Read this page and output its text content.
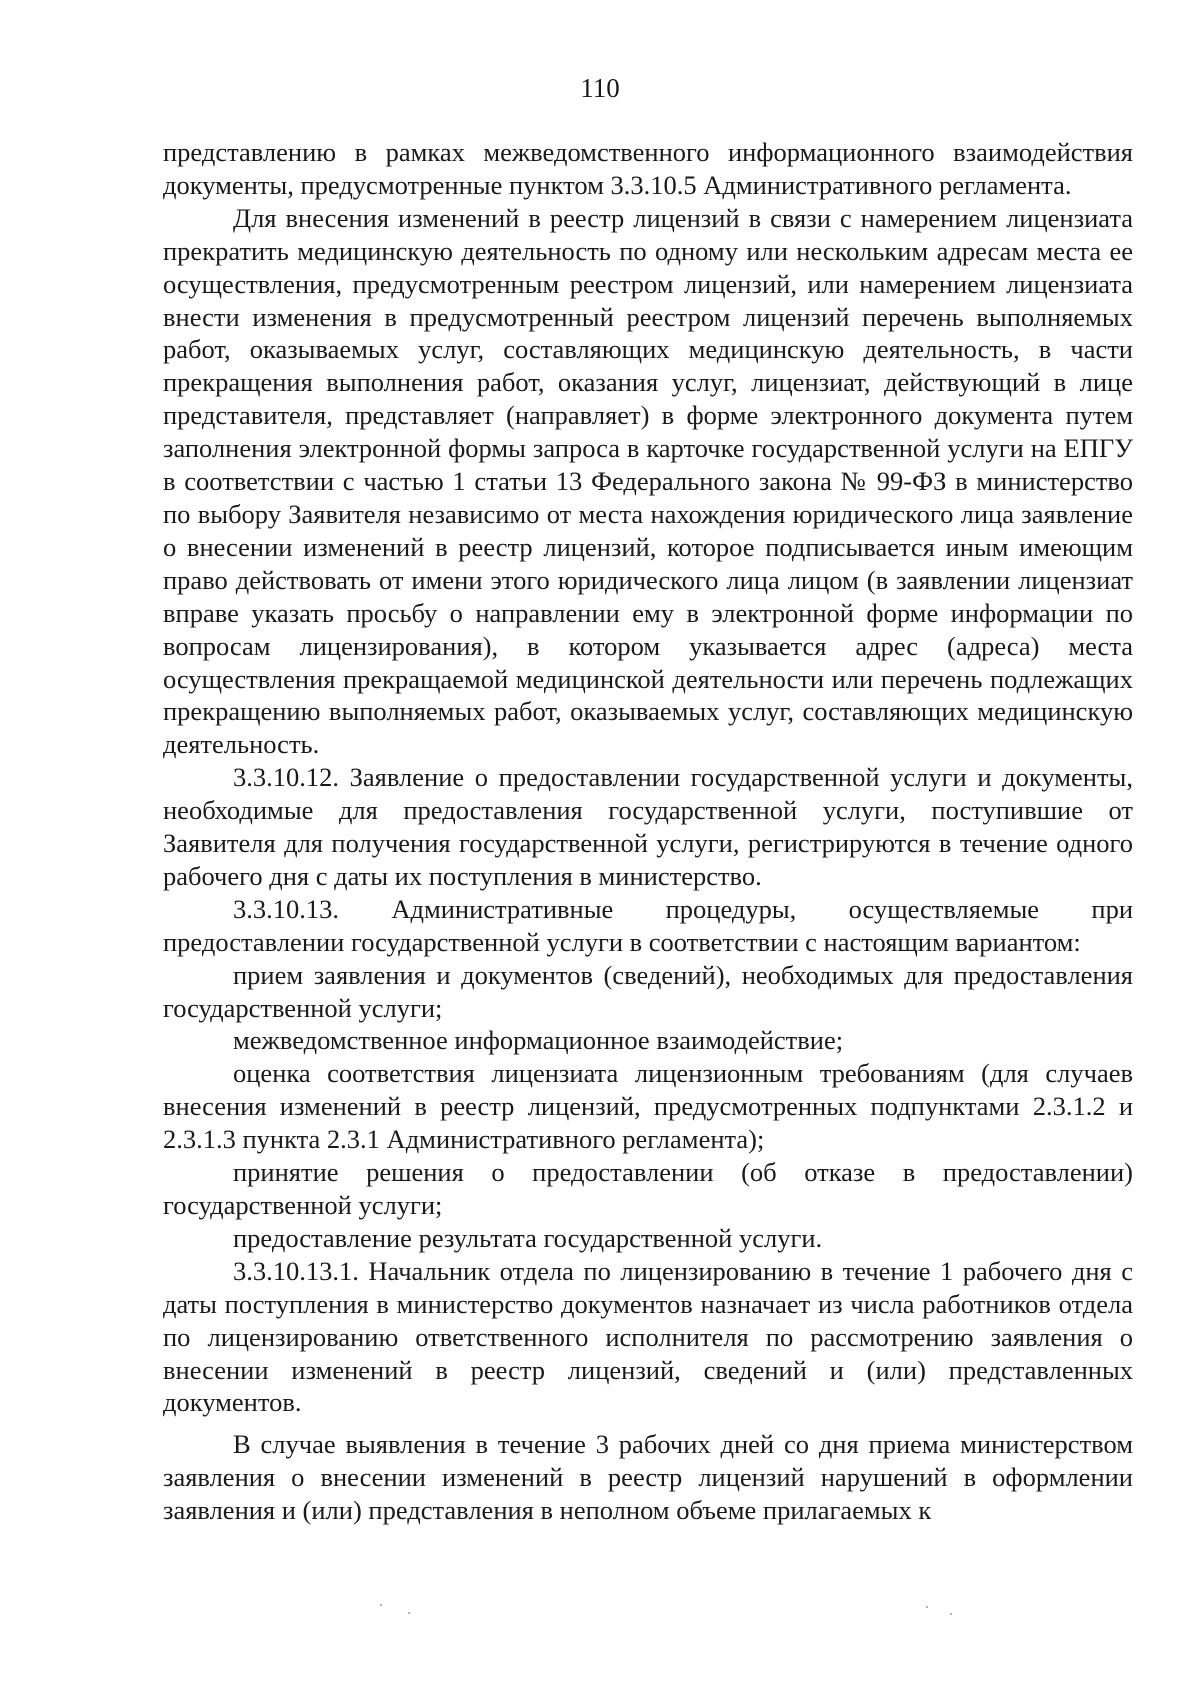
110

представлению в рамках межведомственного информационного взаимодействия документы, предусмотренные пунктом 3.3.10.5 Административного регламента.

Для внесения изменений в реестр лицензий в связи с намерением лицензиата прекратить медицинскую деятельность по одному или нескольким адресам места ее осуществления, предусмотренным реестром лицензий, или намерением лицензиата внести изменения в предусмотренный реестром лицензий перечень выполняемых работ, оказываемых услуг, составляющих медицинскую деятельность, в части прекращения выполнения работ, оказания услуг, лицензиат, действующий в лице представителя, представляет (направляет) в форме электронного документа путем заполнения электронной формы запроса в карточке государственной услуги на ЕПГУ в соответствии с частью 1 статьи 13 Федерального закона № 99-ФЗ в министерство по выбору Заявителя независимо от места нахождения юридического лица заявление о внесении изменений в реестр лицензий, которое подписывается иным имеющим право действовать от имени этого юридического лица лицом (в заявлении лицензиат вправе указать просьбу о направлении ему в электронной форме информации по вопросам лицензирования), в котором указывается адрес (адреса) места осуществления прекращаемой медицинской деятельности или перечень подлежащих прекращению выполняемых работ, оказываемых услуг, составляющих медицинскую деятельность.

3.3.10.12. Заявление о предоставлении государственной услуги и документы, необходимые для предоставления государственной услуги, поступившие от Заявителя для получения государственной услуги, регистрируются в течение одного рабочего дня с даты их поступления в министерство.

3.3.10.13. Административные процедуры, осуществляемые при предоставлении государственной услуги в соответствии с настоящим вариантом:

прием заявления и документов (сведений), необходимых для предоставления государственной услуги;

межведомственное информационное взаимодействие;

оценка соответствия лицензиата лицензионным требованиям (для случаев внесения изменений в реестр лицензий, предусмотренных подпунктами 2.3.1.2 и 2.3.1.3 пункта 2.3.1 Административного регламента);

принятие решения о предоставлении (об отказе в предоставлении) государственной услуги;

предоставление результата государственной услуги.

3.3.10.13.1. Начальник отдела по лицензированию в течение 1 рабочего дня с даты поступления в министерство документов назначает из числа работников отдела по лицензированию ответственного исполнителя по рассмотрению заявления о внесении изменений в реестр лицензий, сведений и (или) представленных документов.

В случае выявления в течение 3 рабочих дней со дня приема министерством заявления о внесении изменений в реестр лицензий нарушений в оформлении заявления и (или) представления в неполном объеме прилагаемых к
